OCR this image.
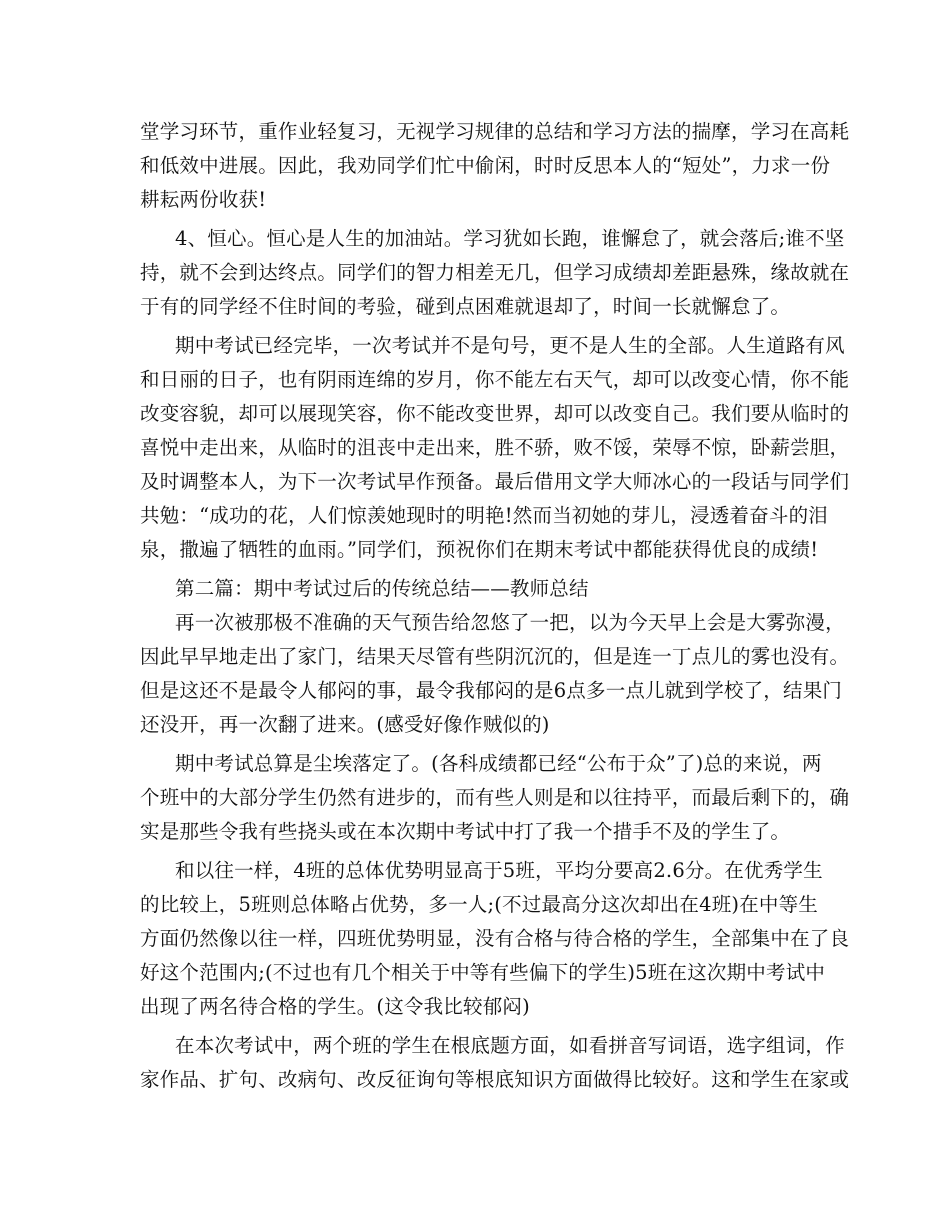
堂学习环节，重作业轻复习，无视学习规律的总结和学习方法的揣摩，学习在高耗
和低效中进展。因此，我劝同学们忙中偷闲，时时反思本人的“短处”，力求一份
耕耘两份收获!
4、恒心。恒心是人生的加油站。学习犹如长跑，谁懈怠了，就会落后;谁不坚
持，就不会到达终点。同学们的智力相差无几，但学习成绩却差距悬殊，缘故就在
于有的同学经不住时间的考验，碰到点困难就退却了，时间一长就懈怠了。
期中考试已经完毕，一次考试并不是句号，更不是人生的全部。人生道路有风
和日丽的日子，也有阴雨连绵的岁月，你不能左右天气，却可以改变心情，你不能
改变容貌，却可以展现笑容，你不能改变世界，却可以改变自己。我们要从临时的
喜悦中走出来，从临时的沮丧中走出来，胜不骄，败不馁，荣辱不惊，卧薪尝胆，
及时调整本人，为下一次考试早作预备。最后借用文学大师冰心的一段话与同学们
共勉：“成功的花，人们惊羡她现时的明艳!然而当初她的芽儿，浸透着奋斗的泪
泉，撒遍了牺牲的血雨。”同学们，预祝你们在期末考试中都能获得优良的成绩!
第二篇：期中考试过后的传统总结——教师总结
再一次被那极不准确的天气预告给忽悠了一把，以为今天早上会是大雾弥漫，
因此早早地走出了家门，结果天尽管有些阴沉沉的，但是连一丁点儿的雾也没有。
但是这还不是最令人郁闷的事，最令我郁闷的是6点多一点儿就到学校了，结果门
还没开，再一次翻了进来。(感受好像作贼似的)
期中考试总算是尘埃落定了。(各科成绩都已经“公布于众”了)总的来说，两
个班中的大部分学生仍然有进步的，而有些人则是和以往持平，而最后剩下的，确
实是那些令我有些挠头或在本次期中考试中打了我一个措手不及的学生了。
和以往一样，4班的总体优势明显高于5班，平均分要高2.6分。在优秀学生
的比较上，5班则总体略占优势，多一人;(不过最高分这次却出在4班)在中等生
方面仍然像以往一样，四班优势明显，没有合格与待合格的学生，全部集中在了良
好这个范围内;(不过也有几个相关于中等有些偏下的学生)5班在这次期中考试中
出现了两名待合格的学生。(这令我比较郁闷)
在本次考试中，两个班的学生在根底题方面，如看拼音写词语，选字组词，作
家作品、扩句、改病句、改反征询句等根底知识方面做得比较好。这和学生在家或
